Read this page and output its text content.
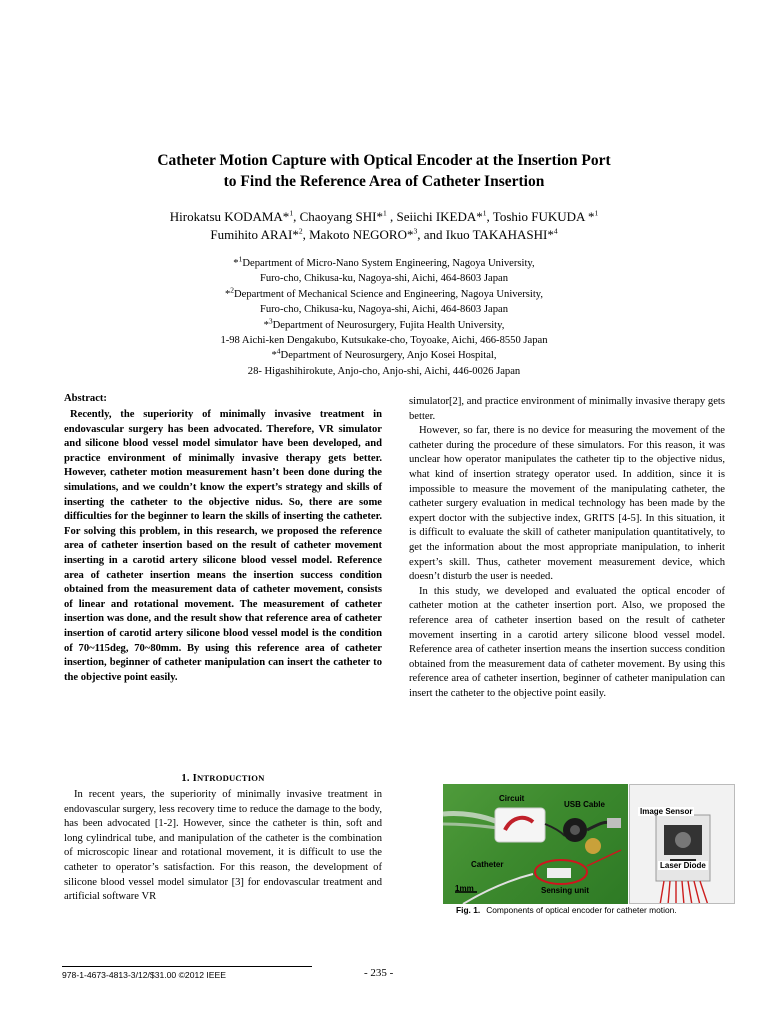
Catheter Motion Capture with Optical Encoder at the Insertion Port
to Find the Reference Area of Catheter Insertion
Hirokatsu KODAMA*$^1$, Chaoyang SHI*$^1$ , Seiichi IKEDA*$^1$, Toshio FUKUDA *$^1$
Fumihito ARAI*$^2$, Makoto NEGORO*$^3$, and Ikuo TAKAHASHI*$^4$
*$^1$Department of Micro-Nano System Engineering, Nagoya University,
Furo-cho, Chikusa-ku, Nagoya-shi, Aichi, 464-8603 Japan
*$^2$Department of Mechanical Science and Engineering, Nagoya University,
Furo-cho, Chikusa-ku, Nagoya-shi, Aichi, 464-8603 Japan
*$^3$Department of Neurosurgery, Fujita Health University,
1-98 Aichi-ken Dengakubo, Kutsukake-cho, Toyoake, Aichi, 466-8550 Japan
*$^4$Department of Neurosurgery, Anjo Kosei Hospital,
28- Higashihirokute, Anjo-cho, Anjo-shi, Aichi, 446-0026 Japan
Abstract:

Recently, the superiority of minimally invasive treatment in endovascular surgery has been advocated. Therefore, VR simulator and silicone blood vessel model simulator have been developed, and practice environment of minimally invasive therapy gets better. However, catheter motion measurement hasn’t been done during the simulations, and we couldn’t know the expert’s strategy and skills of inserting the catheter to the objective nidus. So, there are some difficulties for the beginner to learn the skills of inserting the catheter. For solving this problem, in this research, we proposed the reference area of catheter insertion based on the result of catheter movement inserting in a carotid artery silicone blood vessel model. Reference area of catheter insertion means the insertion success condition obtained from the measurement data of catheter movement, consists of linear and rotational movement. The measurement of catheter insertion was done, and the result show that reference area of catheter insertion of carotid artery silicone blood vessel model is the condition of 70~115deg, 70~80mm. By using this reference area of catheter insertion, beginner of catheter manipulation can insert the catheter to the objective point easily.

1. INTRODUCTION

In recent years, the superiority of minimally invasive treatment in endovascular surgery, less recovery time to reduce the damage to the body, has been advocated [1-2]. However, since the catheter is thin, soft and long cylindrical tube, and manipulation of the catheter is the combination of microscopic linear and rotational movement, it is difficult to use the catheter to operator’s satisfaction. For this reason, the development of silicone blood vessel model simulator [3] for endovascular treatment and artificial software VR

simulator[2], and practice environment of minimally invasive therapy gets better.

However, so far, there is no device for measuring the movement of the catheter during the procedure of these simulators. For this reason, it was unclear how operator manipulates the catheter tip to the objective nidus, what kind of insertion strategy operator used. In addition, since it is impossible to measure the movement of the manipulating catheter, the catheter surgery evaluation in medical technology has been made by the expert doctor with the subjective index, GRITS [4-5]. In this situation, it is difficult to evaluate the skill of catheter manipulation quantitatively, to get the information about the most appropriate manipulation, to inherit expert’s skill. Thus, catheter movement measurement device, which doesn’t disturb the user is needed.

In this study, we developed and evaluated the optical encoder of catheter motion at the catheter insertion port. Also, we proposed the reference area of catheter insertion based on the result of catheter movement inserting in a carotid artery silicone blood vessel model. Reference area of catheter insertion means the insertion success condition obtained from the measurement data of catheter movement. By using this reference area of catheter insertion, beginner of catheter manipulation can insert the catheter to the objective point easily.

Circuit
USB Cable
Catheter
1mm	Sensing unit
Image Sensor
Laser Diode
Fig. 1. Components of optical encoder for catheter motion.
978-1-4673-4813-3/12/$31.00 ©2012 IEEE	- 235 -
